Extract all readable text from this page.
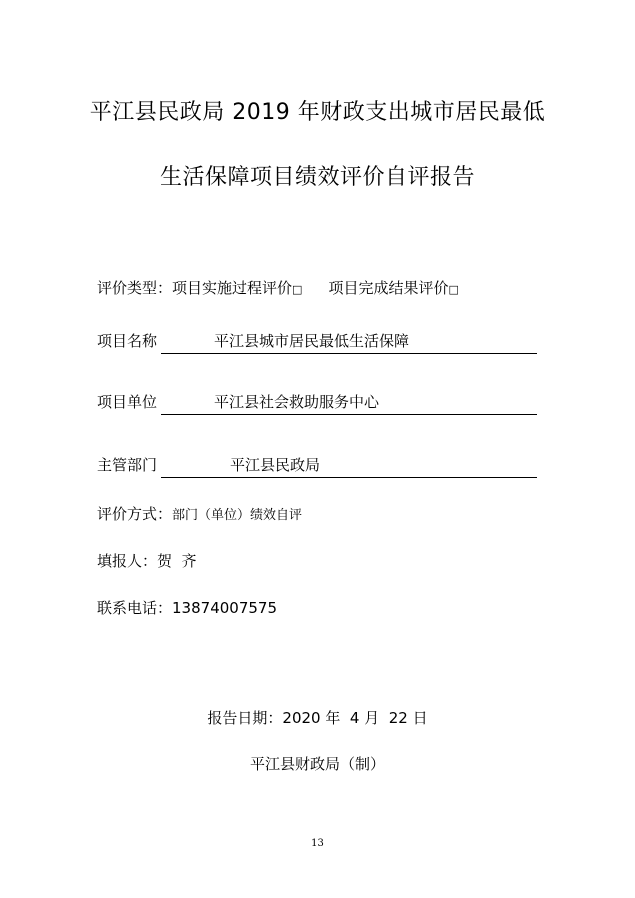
平江县民政局 2019 年财政支出城市居民最低
生活保障项目绩效评价自评报告
评价类型：项目实施过程评价□ 项目完成结果评价□
项目名称	平江县城市居民最低生活保障
项目单位	平江县社会救助服务中心
主管部门	平江县民政局
评价方式：部门（单位）绩效自评
填报人：贺  齐
联系电话：13874007575
报告日期：2020 年  4 月  22 日
平江县财政局（制）
13
